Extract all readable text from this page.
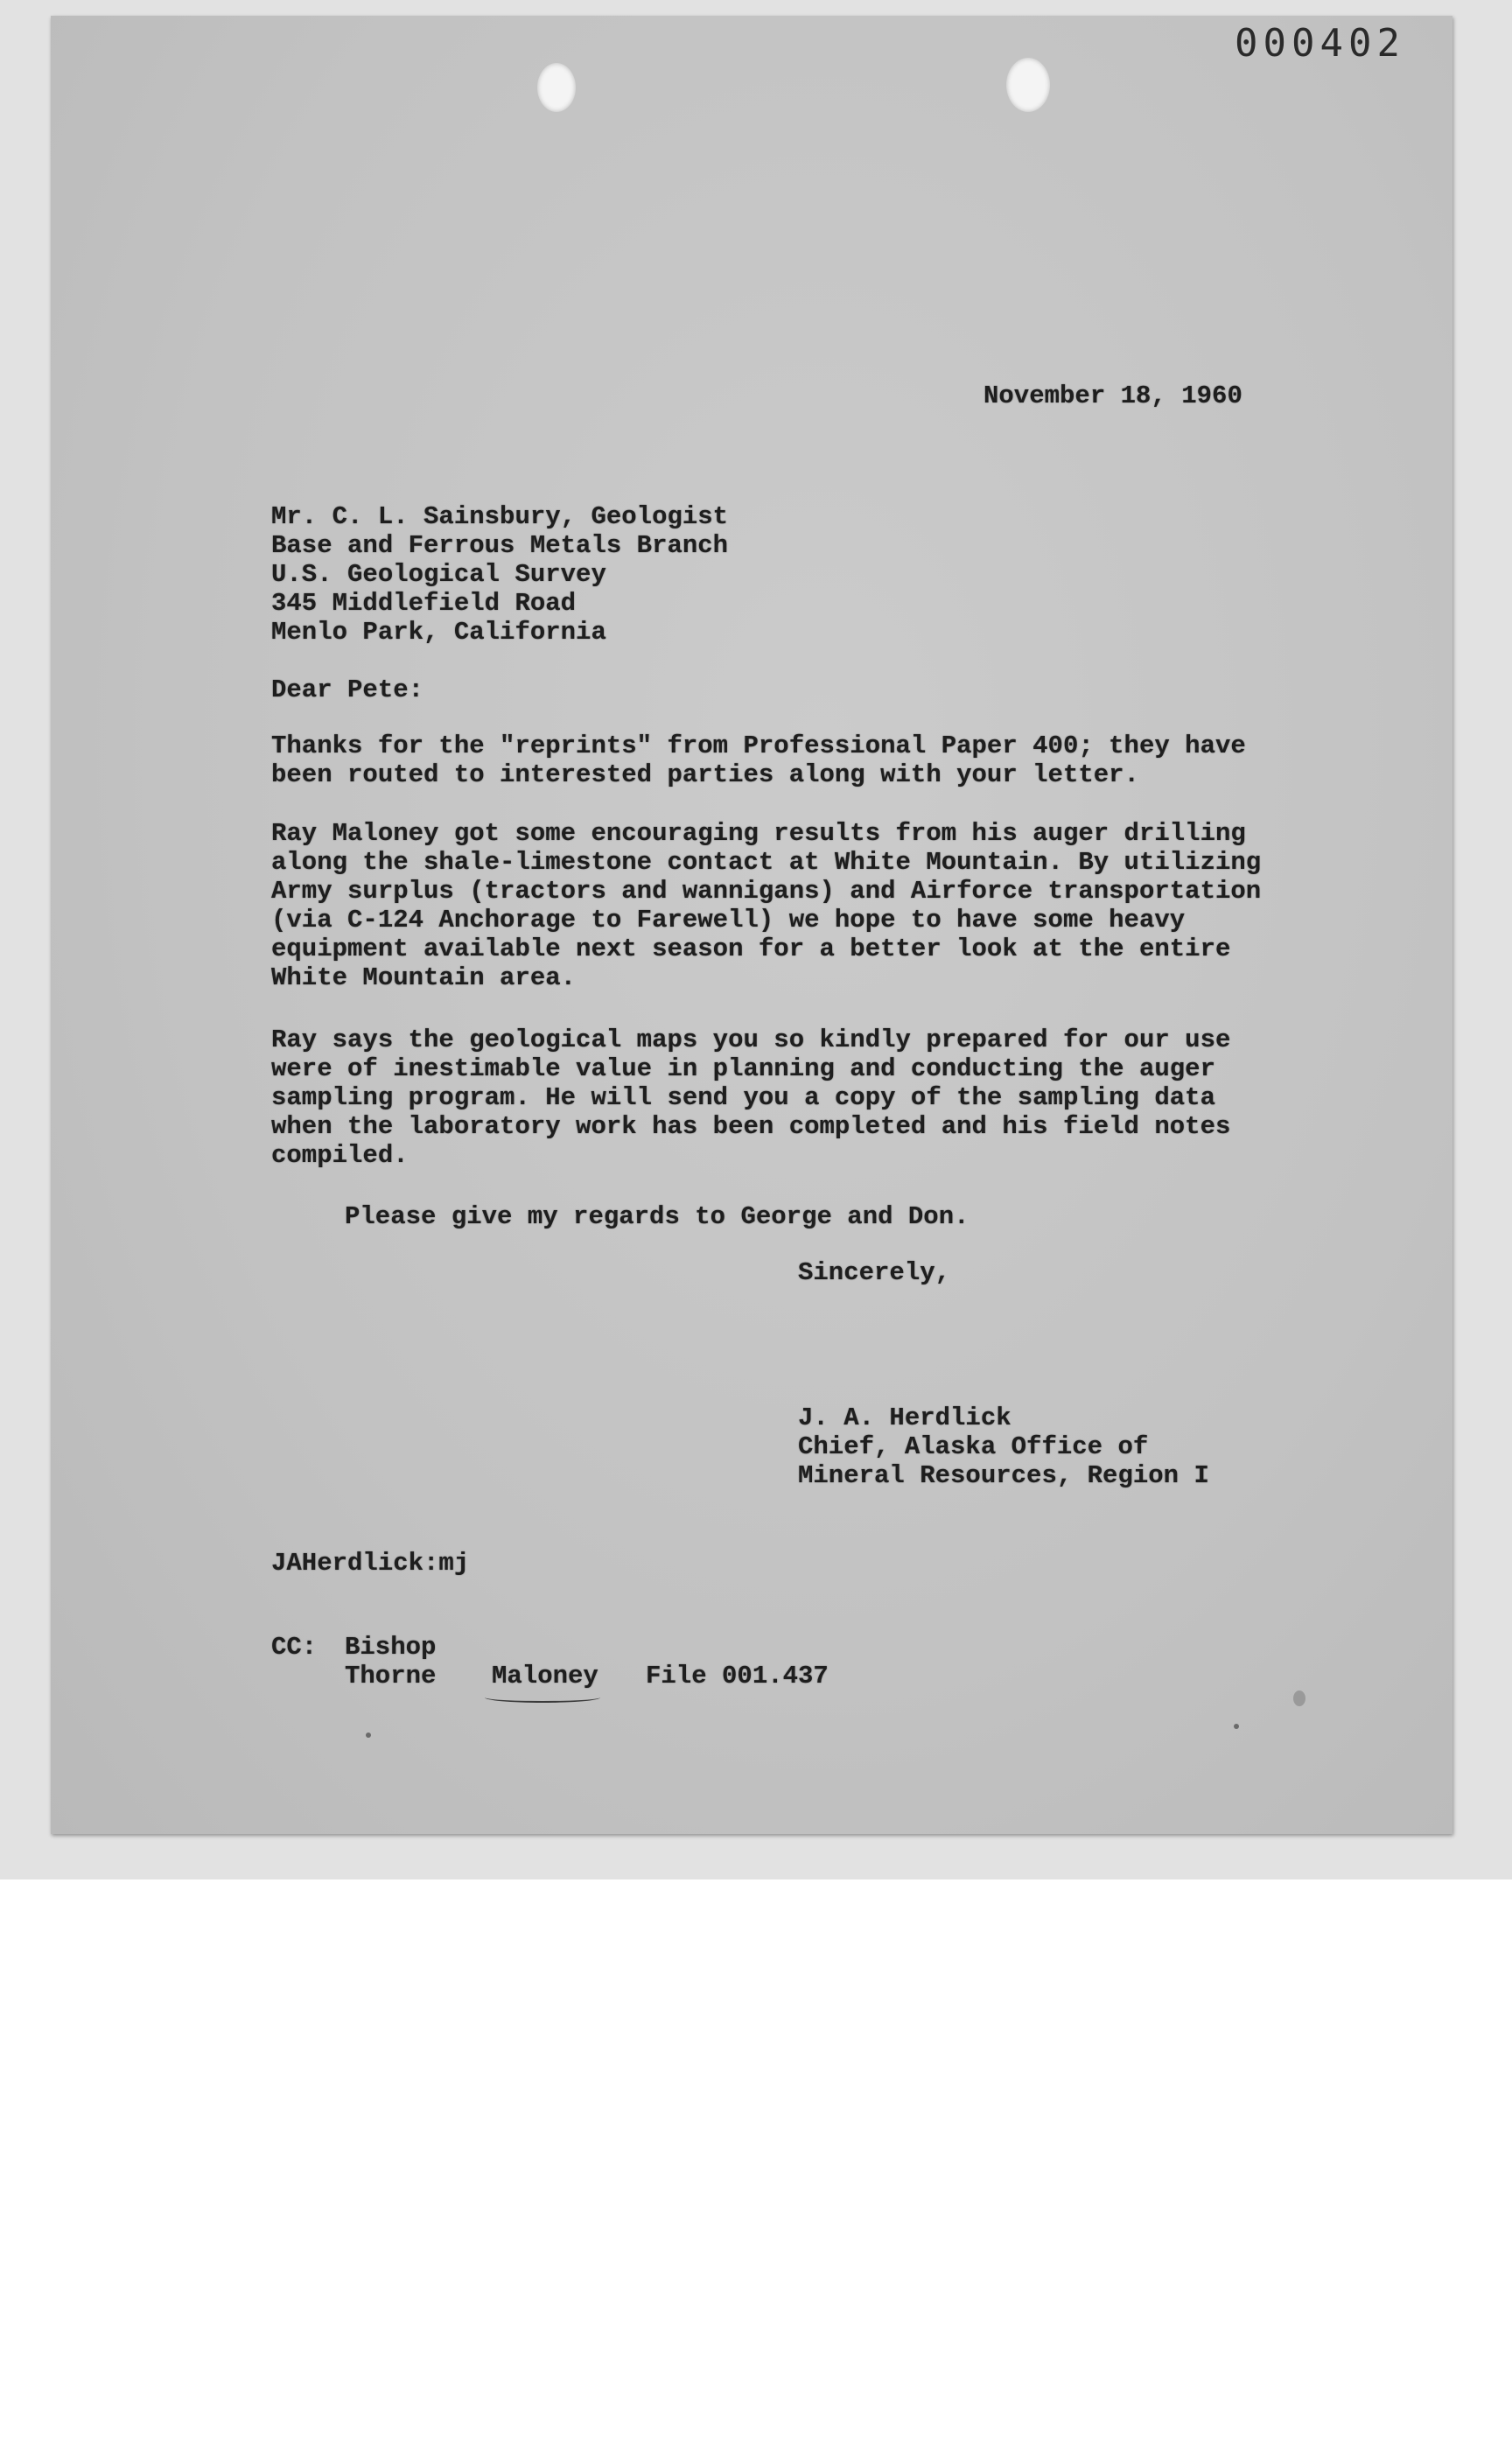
000402
November 18, 1960
Mr. C. L. Sainsbury, Geologist
Base and Ferrous Metals Branch
U.S. Geological Survey
345 Middlefield Road
Menlo Park, California
Dear Pete:
Thanks for the "reprints" from Professional Paper 400; they have
been routed to interested parties along with your letter.
Ray Maloney got some encouraging results from his auger drilling
along the shale-limestone contact at White Mountain. By utilizing
Army surplus (tractors and wannigans) and Airforce transportation
(via C-124 Anchorage to Farewell) we hope to have some heavy
equipment available next season for a better look at the entire
White Mountain area.
Ray says the geological maps you so kindly prepared for our use
were of inestimable value in planning and conducting the auger
sampling program. He will send you a copy of the sampling data
when the laboratory work has been completed and his field notes
compiled.
Please give my regards to George and Don.
Sincerely,
J. A. Herdlick
Chief, Alaska Office of
Mineral Resources, Region I
JAHerdlick:mj
CC: Bishop
Thorne Maloney File 001.437
